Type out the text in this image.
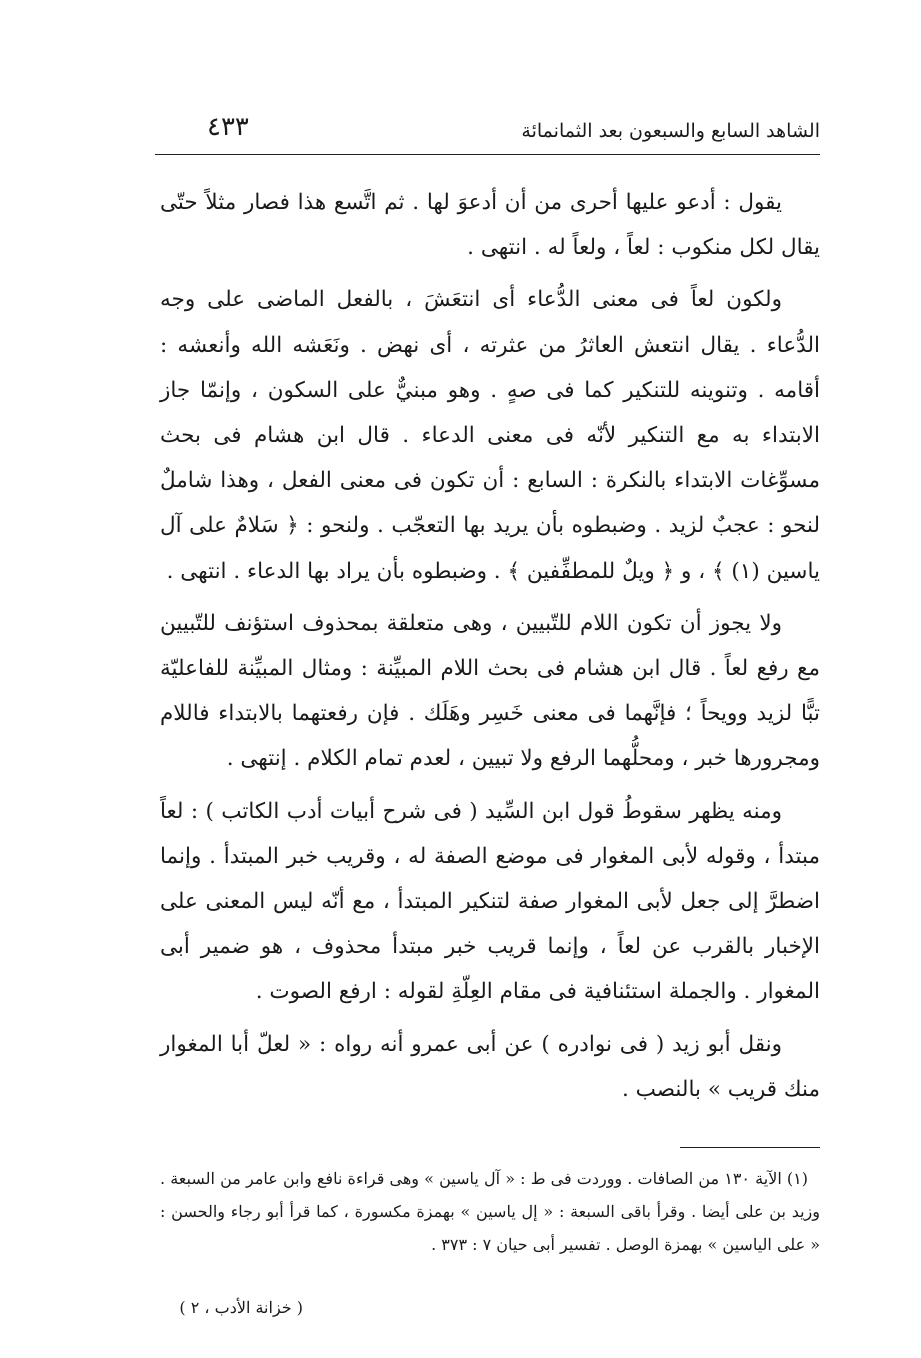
الشاهد السابع والسبعون بعد الثمانمائة
٤٣٣

يقول : أدعو عليها أحرى من أن أدعوَ لها . ثم اتَّسع هذا فصار مثلاً حتّى يقال لكل منكوب : لعاً ، ولعاً له . انتهى .

ولكون لعاً فى معنى الدُّعاء أى انتعَشَ ، بالفعل الماضى على وجه الدُّعاء . يقال انتعش العاثرُ من عثرته ، أى نهض . ونَعَشه الله وأنعشه : أقامه . وتنوينه للتنكير كما فى صهٍ . وهو مبنيٌّ على السكون ، وإنمّا جاز الابتداء به مع التنكير لأنّه فى معنى الدعاء . قال ابن هشام فى بحث مسوِّغات الابتداء بالنكرة : السابع : أن تكون فى معنى الفعل ، وهذا شاملٌ لنحو : عجبٌ لزيد . وضبطوه بأن يريد بها التعجّب . ولنحو : ﴿ سَلامٌ على آل ياسين (١) ﴾ ، و ﴿ ويلٌ للمطفِّفين ﴾ . وضبطوه بأن يراد بها الدعاء . انتهى .

ولا يجوز أن تكون اللام للتّبيين ، وهى متعلقة بمحذوف استؤنف للتّبيين مع رفع لعاً . قال ابن هشام فى بحث اللام المبيِّنة : ومثال المبيِّنة للفاعليّة تبًّا لزيد وويحاً ؛ فإنَّهما فى معنى خَسِر وهَلَك . فإن رفعتهما بالابتداء فاللام ومجرورها خبر ، ومحلُّهما الرفع ولا تبيين ، لعدم تمام الكلام . إنتهى .

ومنه يظهر سقوطُ قول ابن السِّيد ( فى شرح أبيات أدب الكاتب ) : لعاً مبتدأ ، وقوله لأبى المغوار فى موضع الصفة له ، وقريب خبر المبتدأ . وإنما اضطرَّ إلى جعل لأبى المغوار صفة لتنكير المبتدأ ، مع أنّه ليس المعنى على الإخبار بالقرب عن لعاً ، وإنما قريب خبر مبتدأ محذوف ، هو ضمير أبى المغوار . والجملة استئنافية فى مقام العِلّةِ لقوله : ارفع الصوت .

ونقل أبو زيد ( فى نوادره ) عن أبى عمرو أنه رواه : « لعلّ أبا المغوار منك قريب » بالنصب .

(١) الآية ١٣٠ من الصافات . ووردت فى ط : « آل ياسين » وهى قراءة نافع وابن عامر من السبعة . وزيد بن على أيضا . وقرأ باقى السبعة : « إل ياسين » بهمزة مكسورة ، كما قرأ أبو رجاء والحسن : « على الياسين » بهمزة الوصل . تفسير أبى حيان ٧ : ٣٧٣ .

( خزانة الأدب ، ٢ )
